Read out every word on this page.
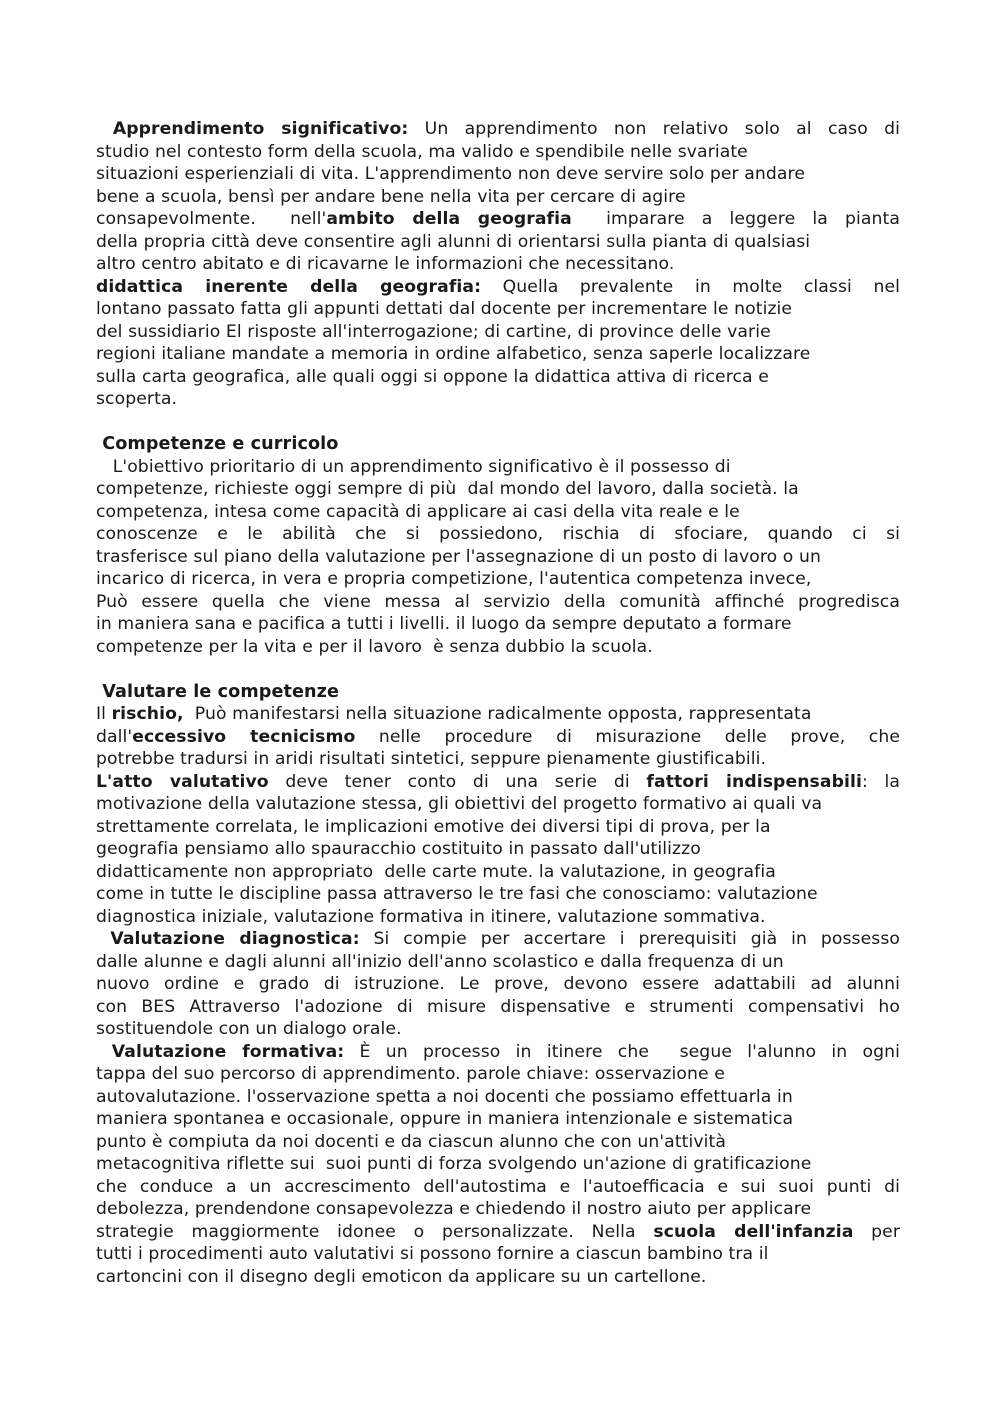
Apprendimento significativo: Un apprendimento non relativo solo al caso di
studio nel contesto form della scuola, ma valido e spendibile nelle svariate
situazioni esperienziali di vita. L'apprendimento non deve servire solo per andare
bene a scuola, bensì per andare bene nella vita per cercare di agire
consapevolmente.  nell'ambito della geografia  imparare a leggere la pianta
della propria città deve consentire agli alunni di orientarsi sulla pianta di qualsiasi
altro centro abitato e di ricavarne le informazioni che necessitano.
didattica inerente della geografia: Quella prevalente in molte classi nel
lontano passato fatta gli appunti dettati dal docente per incrementare le notizie
del sussidiario El risposte all'interrogazione; di cartine, di province delle varie
regioni italiane mandate a memoria in ordine alfabetico, senza saperle localizzare
sulla carta geografica, alle quali oggi si oppone la didattica attiva di ricerca e
scoperta.
Competenze e curricolo
L'obiettivo prioritario di un apprendimento significativo è il possesso di
competenze, richieste oggi sempre di più  dal mondo del lavoro, dalla società. la
competenza, intesa come capacità di applicare ai casi della vita reale e le
conoscenze e le abilità che si possiedono, rischia di sfociare, quando ci si
trasferisce sul piano della valutazione per l'assegnazione di un posto di lavoro o un
incarico di ricerca, in vera e propria competizione, l'autentica competenza invece,
Può essere quella che viene messa al servizio della comunità afﬁnché progredisca
in maniera sana e pacifica a tutti i livelli. il luogo da sempre deputato a formare
competenze per la vita e per il lavoro  è senza dubbio la scuola.
Valutare le competenze
Il rischio,  Può manifestarsi nella situazione radicalmente opposta, rappresentata
dall'eccessivo tecnicismo nelle procedure di misurazione delle prove, che
potrebbe tradursi in aridi risultati sintetici, seppure pienamente giustificabili.
L'atto valutativo deve tener conto di una serie di fattori indispensabili: la
motivazione della valutazione stessa, gli obiettivi del progetto formativo ai quali va
strettamente correlata, le implicazioni emotive dei diversi tipi di prova, per la
geografia pensiamo allo spauracchio costituito in passato dall'utilizzo
didatticamente non appropriato  delle carte mute. la valutazione, in geografia
come in tutte le discipline passa attraverso le tre fasi che conosciamo: valutazione
diagnostica iniziale, valutazione formativa in itinere, valutazione sommativa.
Valutazione diagnostica: Si compie per accertare i prerequisiti già in possesso
dalle alunne e dagli alunni all'inizio dell'anno scolastico e dalla frequenza di un
nuovo ordine e grado di istruzione. Le prove, devono essere adattabili ad alunni
con BES Attraverso l'adozione di misure dispensative e strumenti compensativi ho
sostituendole con un dialogo orale.
Valutazione formativa: È un processo in itinere che  segue l'alunno in ogni
tappa del suo percorso di apprendimento. parole chiave: osservazione e
autovalutazione. l'osservazione spetta a noi docenti che possiamo effettuarla in
maniera spontanea e occasionale, oppure in maniera intenzionale e sistematica
punto è compiuta da noi docenti e da ciascun alunno che con un'attività
metacognitiva riflette sui  suoi punti di forza svolgendo un'azione di gratificazione
che conduce a un accrescimento dell'autostima e l'autoefﬁcacia e sui suoi punti di
debolezza, prendendone consapevolezza e chiedendo il nostro aiuto per applicare
strategie maggiormente idonee o personalizzate. Nella scuola dell'infanzia per
tutti i procedimenti auto valutativi si possono fornire a ciascun bambino tra il
cartoncini con il disegno degli emoticon da applicare su un cartellone.
